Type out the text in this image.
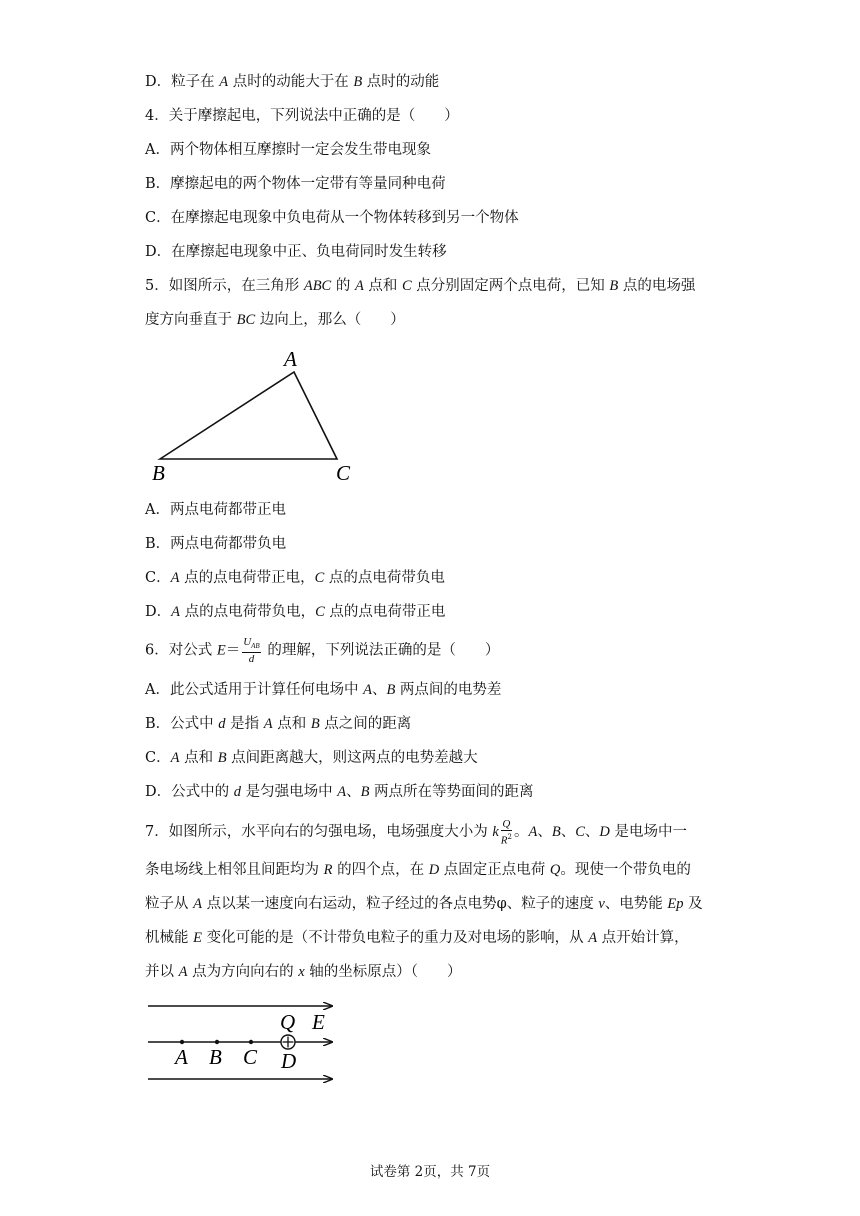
D．粒子在 A 点时的动能大于在 B 点时的动能
4．关于摩擦起电，下列说法中正确的是（　　）
A．两个物体相互摩擦时一定会发生带电现象
B．摩擦起电的两个物体一定带有等量同种电荷
C．在摩擦起电现象中负电荷从一个物体转移到另一个物体
D．在摩擦起电现象中正、负电荷同时发生转移
5．如图所示，在三角形 ABC 的 A 点和 C 点分别固定两个点电荷，已知 B 点的电场强
度方向垂直于 BC 边向上，那么（　　）
A
B	C
A．两点电荷都带正电
B．两点电荷都带负电
C．A 点的点电荷带正电，C 点的点电荷带负电
D．A 点的点电荷带负电，C 点的点电荷带正电
6．对公式 $E= \frac{U_{AB}}{d}$ 的理解，下列说法正确的是（　　）
A．此公式适用于计算任何电场中 A、B 两点间的电势差
B．公式中 d 是指 A 点和 B 点之间的距离
C．A 点和 B 点间距离越大，则这两点的电势差越大
D．公式中的 d 是匀强电场中 A、B 两点所在等势面间的距离
7．如图所示，水平向右的匀强电场，电场强度大小为 k $\frac{Q}{R^2}$ 。A、B、C、D 是电场中一
条电场线上相邻且间距均为 R 的四个点，在 D 点固定正点电荷 Q。现使一个带负电的
粒子从 A 点以某一速度向右运动，粒子经过的各点电势φ、粒子的速度 v、电势能 Ep 及
机械能 E 变化可能的是（不计带负电粒子的重力及对电场的影响，从 A 点开始计算，
并以 A 点为方向向右的 x 轴的坐标原点）（　　）
Q E
A B C D
试卷第 2页，共 7页
